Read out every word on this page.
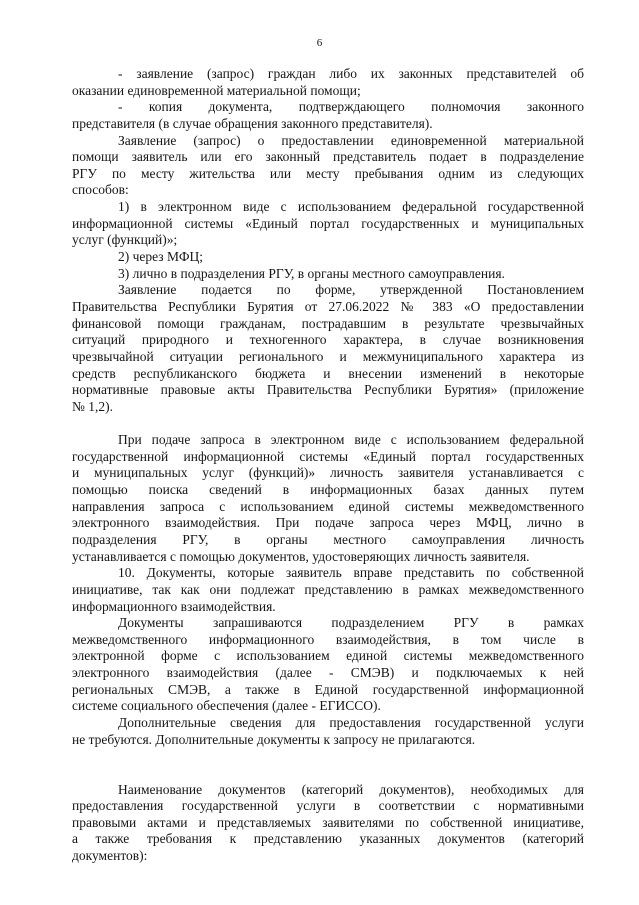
6
- заявление (запрос) граждан либо их законных представителей об
оказании единовременной материальной помощи;
- копия документа, подтверждающего полномочия законного
представителя (в случае обращения законного представителя).
Заявление (запрос) о предоставлении единовременной материальной
помощи заявитель или его законный представитель подает в подразделение
РГУ по месту жительства или месту пребывания одним из следующих
способов:
1) в электронном виде с использованием федеральной государственной
информационной системы «Единый портал государственных и муниципальных
услуг (функций)»;
2) через МФЦ;
3) лично в подразделения РГУ, в органы местного самоуправления.
Заявление подается по форме, утвержденной Постановлением
Правительства Республики Бурятия от 27.06.2022 № 383 «О предоставлении
финансовой помощи гражданам, пострадавшим в результате чрезвычайных
ситуаций природного и техногенного характера, в случае возникновения
чрезвычайной ситуации регионального и межмуниципального характера из
средств республиканского бюджета и внесении изменений в некоторые
нормативные правовые акты Правительства Республики Бурятия» (приложение
№ 1,2).
При подаче запроса в электронном виде с использованием федеральной
государственной информационной системы «Единый портал государственных
и муниципальных услуг (функций)» личность заявителя устанавливается с
помощью поиска сведений в информационных базах данных путем
направления запроса с использованием единой системы межведомственного
электронного взаимодействия. При подаче запроса через МФЦ, лично в
подразделения РГУ, в органы местного самоуправления личность
устанавливается с помощью документов, удостоверяющих личность заявителя.
10. Документы, которые заявитель вправе представить по собственной
инициативе, так как они подлежат представлению в рамках межведомственного
информационного взаимодействия.
Документы запрашиваются подразделением РГУ в рамках
межведомственного информационного взаимодействия, в том числе в
электронной форме с использованием единой системы межведомственного
электронного взаимодействия (далее - СМЭВ) и подключаемых к ней
региональных СМЭВ, а также в Единой государственной информационной
системе социального обеспечения (далее - ЕГИССО).
Дополнительные сведения для предоставления государственной услуги
не требуются. Дополнительные документы к запросу не прилагаются.
Наименование документов (категорий документов), необходимых для
предоставления государственной услуги в соответствии с нормативными
правовыми актами и представляемых заявителями по собственной инициативе,
а также требования к представлению указанных документов (категорий
документов):
